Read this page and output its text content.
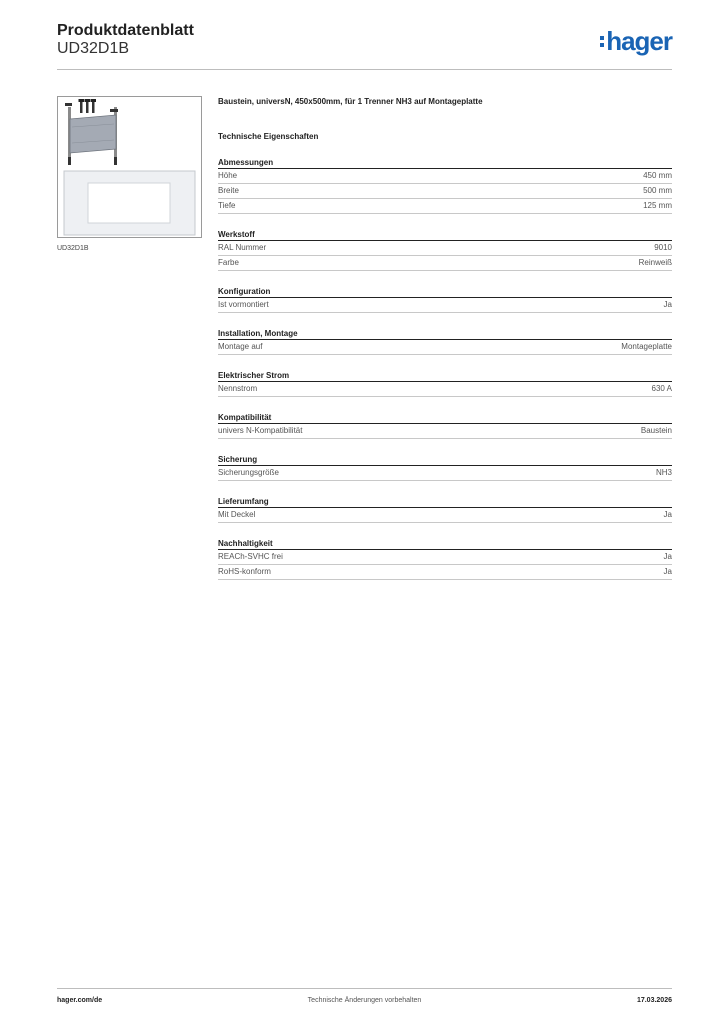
Produktdatenblatt
UD32D1B	hager
UD32D1B
Baustein, universN, 450x500mm, für 1 Trenner NH3 auf Montageplatte
Technische Eigenschaften
Abmessungen
Höhe	450 mm
Breite	500 mm
Tiefe	125 mm
Werkstoff
RAL Nummer	9010
Farbe	Reinweiß
Konfiguration
Ist vormontiert	Ja
Installation, Montage
Montage auf	Montageplatte
Elektrischer Strom
Nennstrom	630 A
Kompatibilität
univers N-Kompatibilität	Baustein
Sicherung
Sicherungsgröße	NH3
Lieferumfang
Mit Deckel	Ja
Nachhaltigkeit
REACh-SVHC frei	Ja
RoHS-konform	Ja
hager.com/de	Technische Änderungen vorbehalten	17.03.2026
